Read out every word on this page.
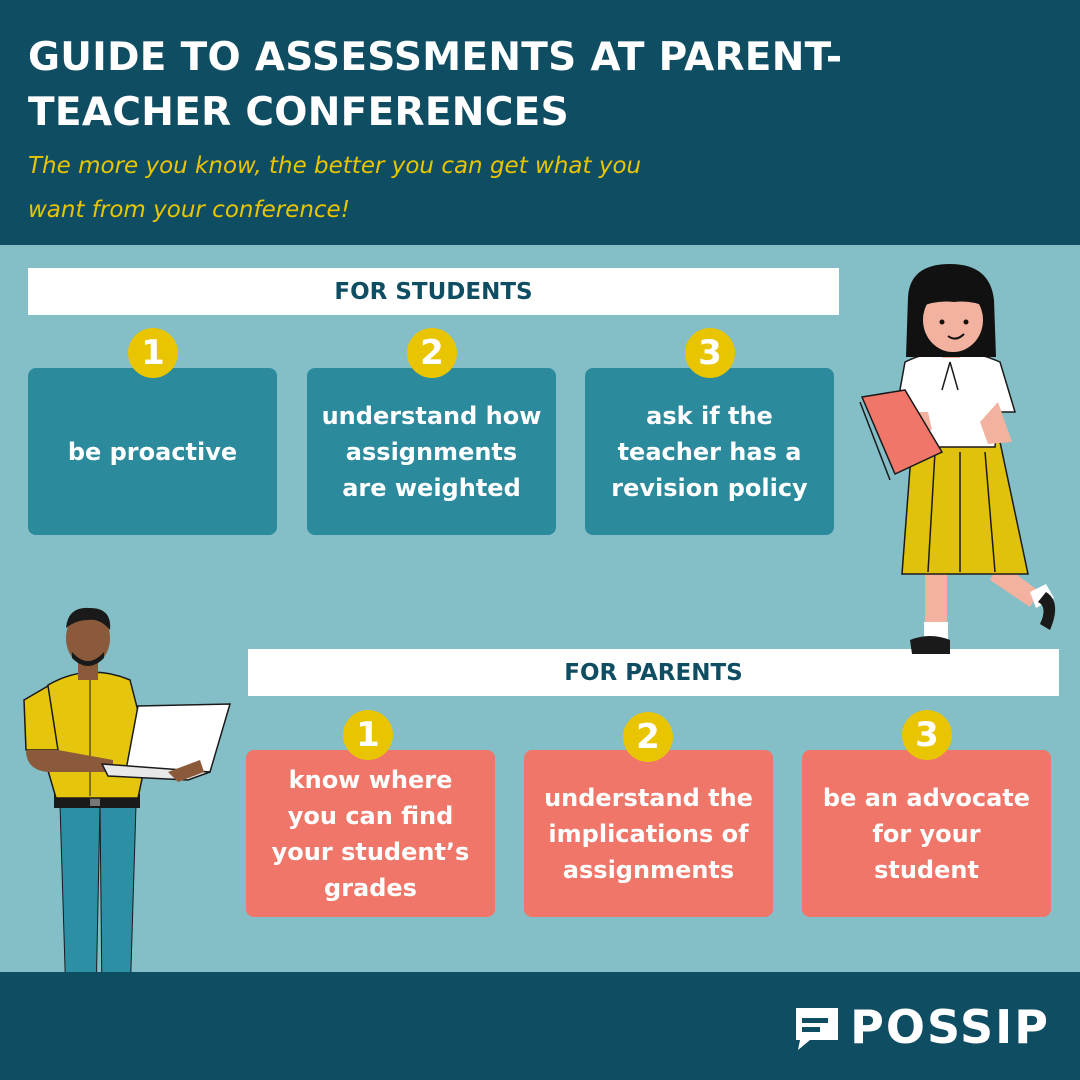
GUIDE TO ASSESSMENTS AT PARENT-TEACHER CONFERENCES

The more you know, the better you can get what you want from your conference!

FOR STUDENTS
be proactive
understand how assignments are weighted
ask if the teacher has a revision policy
1	2	3
FOR PARENTS
know where you can find your student’s grades
understand the implications of assignments
be an advocate for your student
1	2	3
POSSIP
